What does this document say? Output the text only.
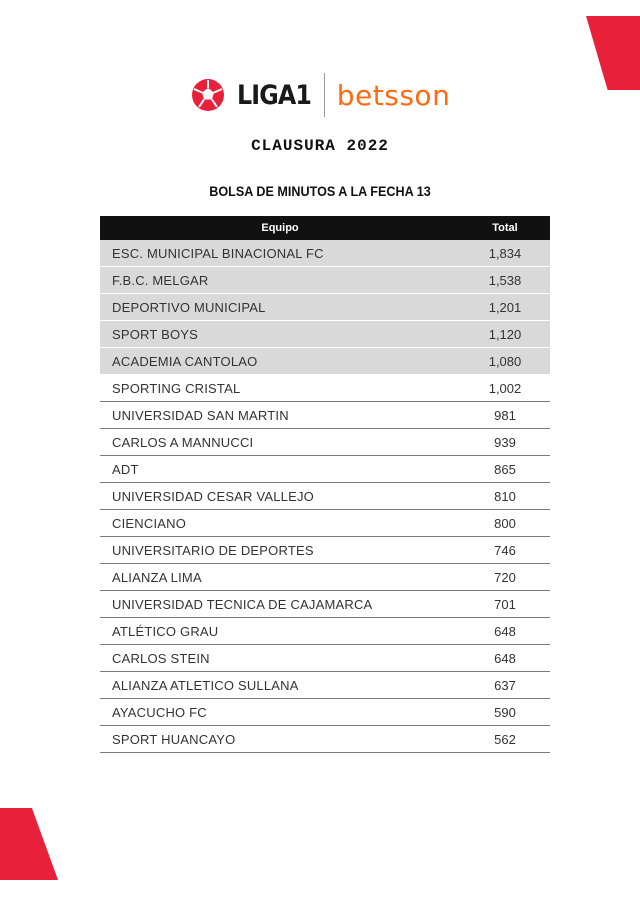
LIGA1 betsson
CLAUSURA 2022
BOLSA DE MINUTOS A LA FECHA 13
Equipo	Total
ESC. MUNICIPAL BINACIONAL FC	1,834
F.B.C. MELGAR	1,538
DEPORTIVO MUNICIPAL	1,201
SPORT BOYS	1,120
ACADEMIA CANTOLAO	1,080
SPORTING CRISTAL	1,002
UNIVERSIDAD SAN MARTIN	981
CARLOS A MANNUCCI	939
ADT	865
UNIVERSIDAD CESAR VALLEJO	810
CIENCIANO	800
UNIVERSITARIO DE DEPORTES	746
ALIANZA LIMA	720
UNIVERSIDAD TECNICA DE CAJAMARCA	701
ATLÉTICO GRAU	648
CARLOS STEIN	648
ALIANZA ATLETICO SULLANA	637
AYACUCHO FC	590
SPORT HUANCAYO	562
